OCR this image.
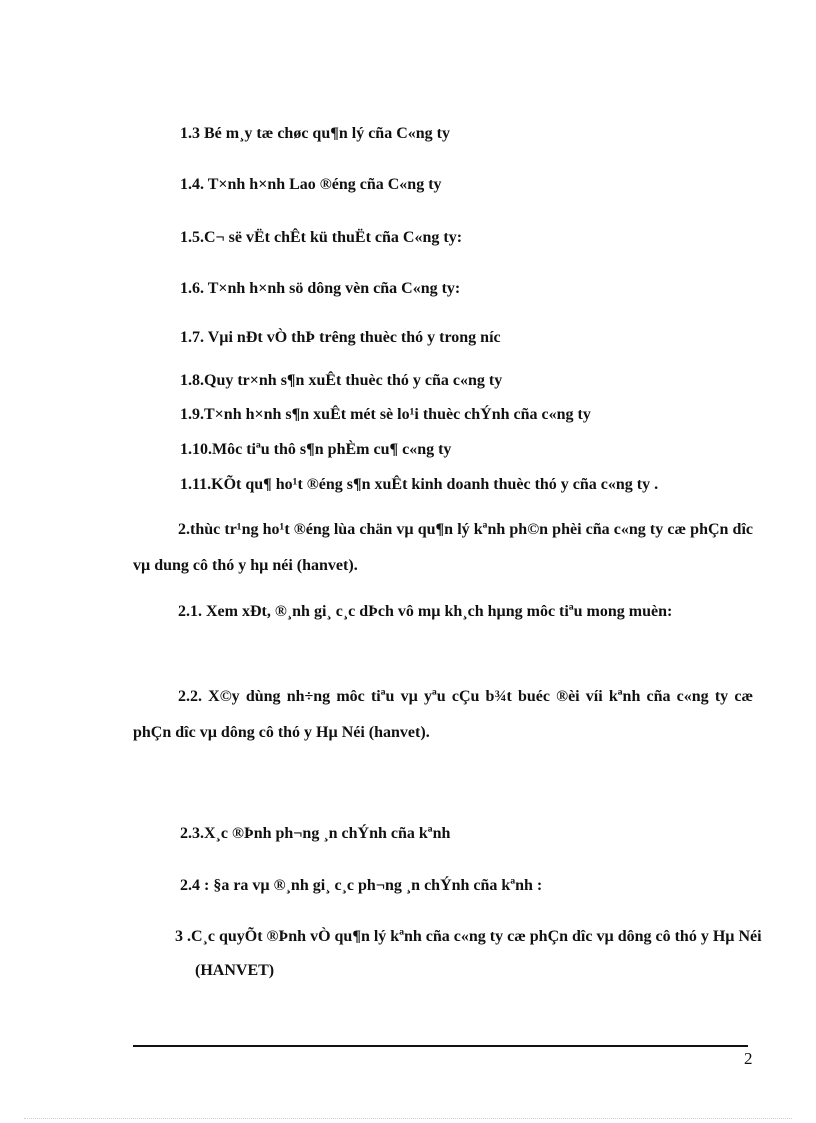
1.3 Bé m¸y tæ chøc qu¶n lý cña C«ng ty
1.4. T×nh h×nh Lao ®éng cña C«ng ty
1.5.C¬ së vËt chÊt kü thuËt cña C«ng ty:
1.6. T×nh h×nh sö dông vèn cña C«ng ty:
1.7. Vµi nÐt vÒ thÞ trêng thuèc thó y trong níc
1.8.Quy tr×nh s¶n xuÊt thuèc thó y cña c«ng ty
1.9.T×nh h×nh s¶n xuÊt mét sè lo¹i thuèc chÝnh cña c«ng ty
1.10.Môc tiªu thô s¶n phÈm cu¶ c«ng ty
1.11.KÕt qu¶ ho¹t ®éng s¶n xuÊt kinh doanh thuèc thó y cña c«ng ty .
2.thùc tr¹ng ho¹t ®éng lùa chän vµ qu¶n lý kªnh ph©n phèi cña c«ng ty cæ phÇn dîc vµ dung cô thó y hµ néi (hanvet).
2.1. Xem xÐt, ®¸nh gi¸ c¸c dÞch vô mµ kh¸ch hµng môc tiªu mong muèn:
2.2. X©y dùng nh÷ng môc tiªu vµ yªu cÇu b¾t buéc ®èi víi kªnh cña c«ng ty cæ phÇn dîc vµ dông cô thó y Hµ Néi (hanvet).
2.3.X¸c ®Þnh ph¬ng ¸n chÝnh cña kªnh
2.4 : §a ra vµ ®¸nh gi¸ c¸c ph¬ng ¸n chÝnh cña kªnh :
3 .C¸c quyÕt ®Þnh vÒ qu¶n lý kªnh cña c«ng ty cæ phÇn dîc vµ dông cô thó y Hµ Néi (HANVET)
2
